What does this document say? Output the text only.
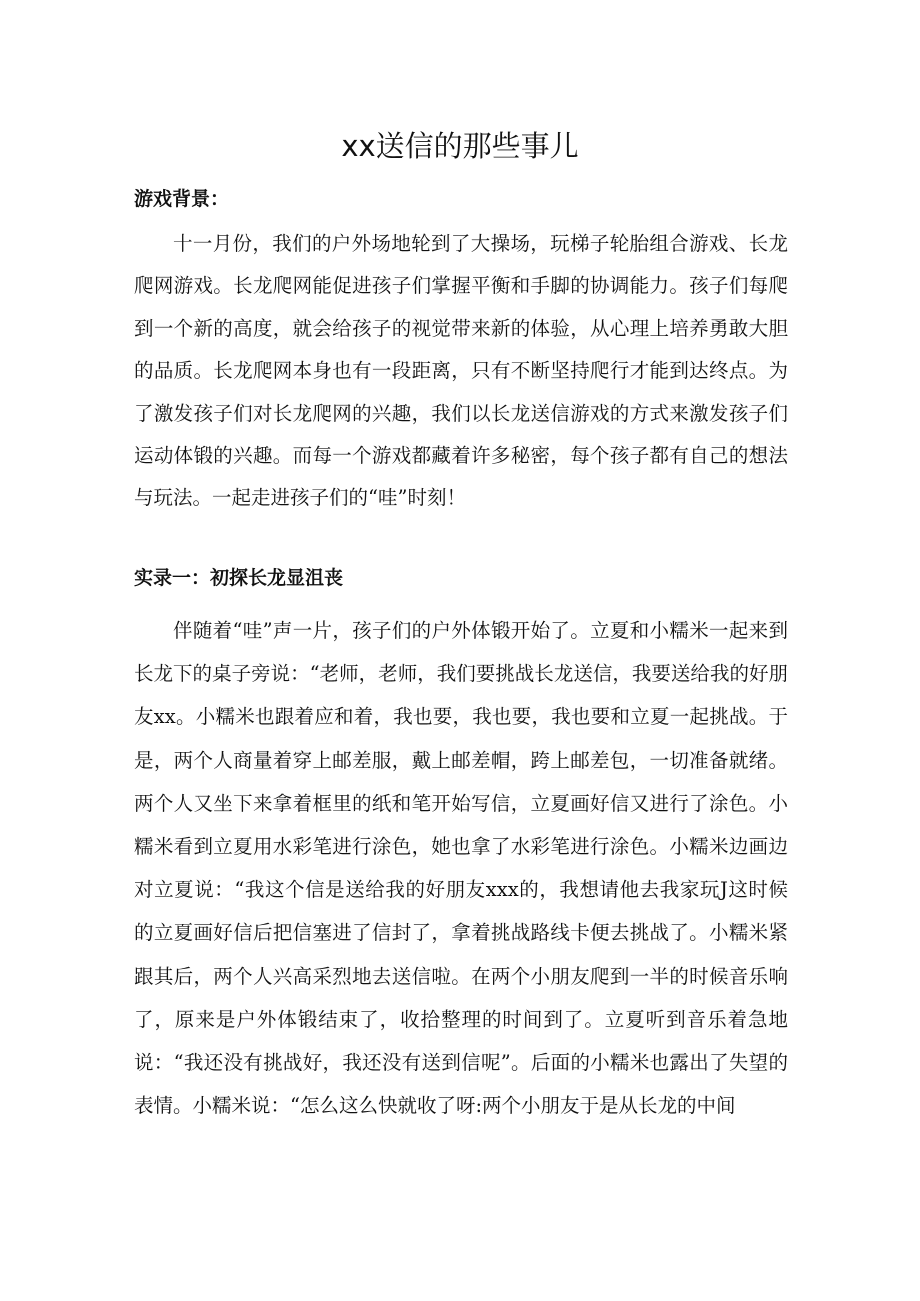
xx送信的那些事儿

游戏背景：

十一月份，我们的户外场地轮到了大操场，玩梯子轮胎组合游戏、长龙爬网游戏。长龙爬网能促进孩子们掌握平衡和手脚的协调能力。孩子们每爬到一个新的高度，就会给孩子的视觉带来新的体验，从心理上培养勇敢大胆的品质。长龙爬网本身也有一段距离，只有不断坚持爬行才能到达终点。为了激发孩子们对长龙爬网的兴趣，我们以长龙送信游戏的方式来激发孩子们运动体锻的兴趣。而每一个游戏都藏着许多秘密，每个孩子都有自己的想法与玩法。一起走进孩子们的“哇”时刻！

实录一：初探长龙显沮丧

伴随着“哇”声一片，孩子们的户外体锻开始了。立夏和小糯米一起来到长龙下的桌子旁说：“老师，老师，我们要挑战长龙送信，我要送给我的好朋友xx。小糯米也跟着应和着，我也要，我也要，我也要和立夏一起挑战。于是，两个人商量着穿上邮差服，戴上邮差帽，跨上邮差包，一切准备就绪。两个人又坐下来拿着框里的纸和笔开始写信，立夏画好信又进行了涂色。小糯米看到立夏用水彩笔进行涂色，她也拿了水彩笔进行涂色。小糯米边画边对立夏说：“我这个信是送给我的好朋友xxx的，我想请他去我家玩J这时候的立夏画好信后把信塞进了信封了，拿着挑战路线卡便去挑战了。小糯米紧跟其后，两个人兴高采烈地去送信啦。在两个小朋友爬到一半的时候音乐响了，原来是户外体锻结束了，收拾整理的时间到了。立夏听到音乐着急地说：“我还没有挑战好，我还没有送到信呢”。后面的小糯米也露出了失望的表情。小糯米说：“怎么这么快就收了呀:两个小朋友于是从长龙的中间
